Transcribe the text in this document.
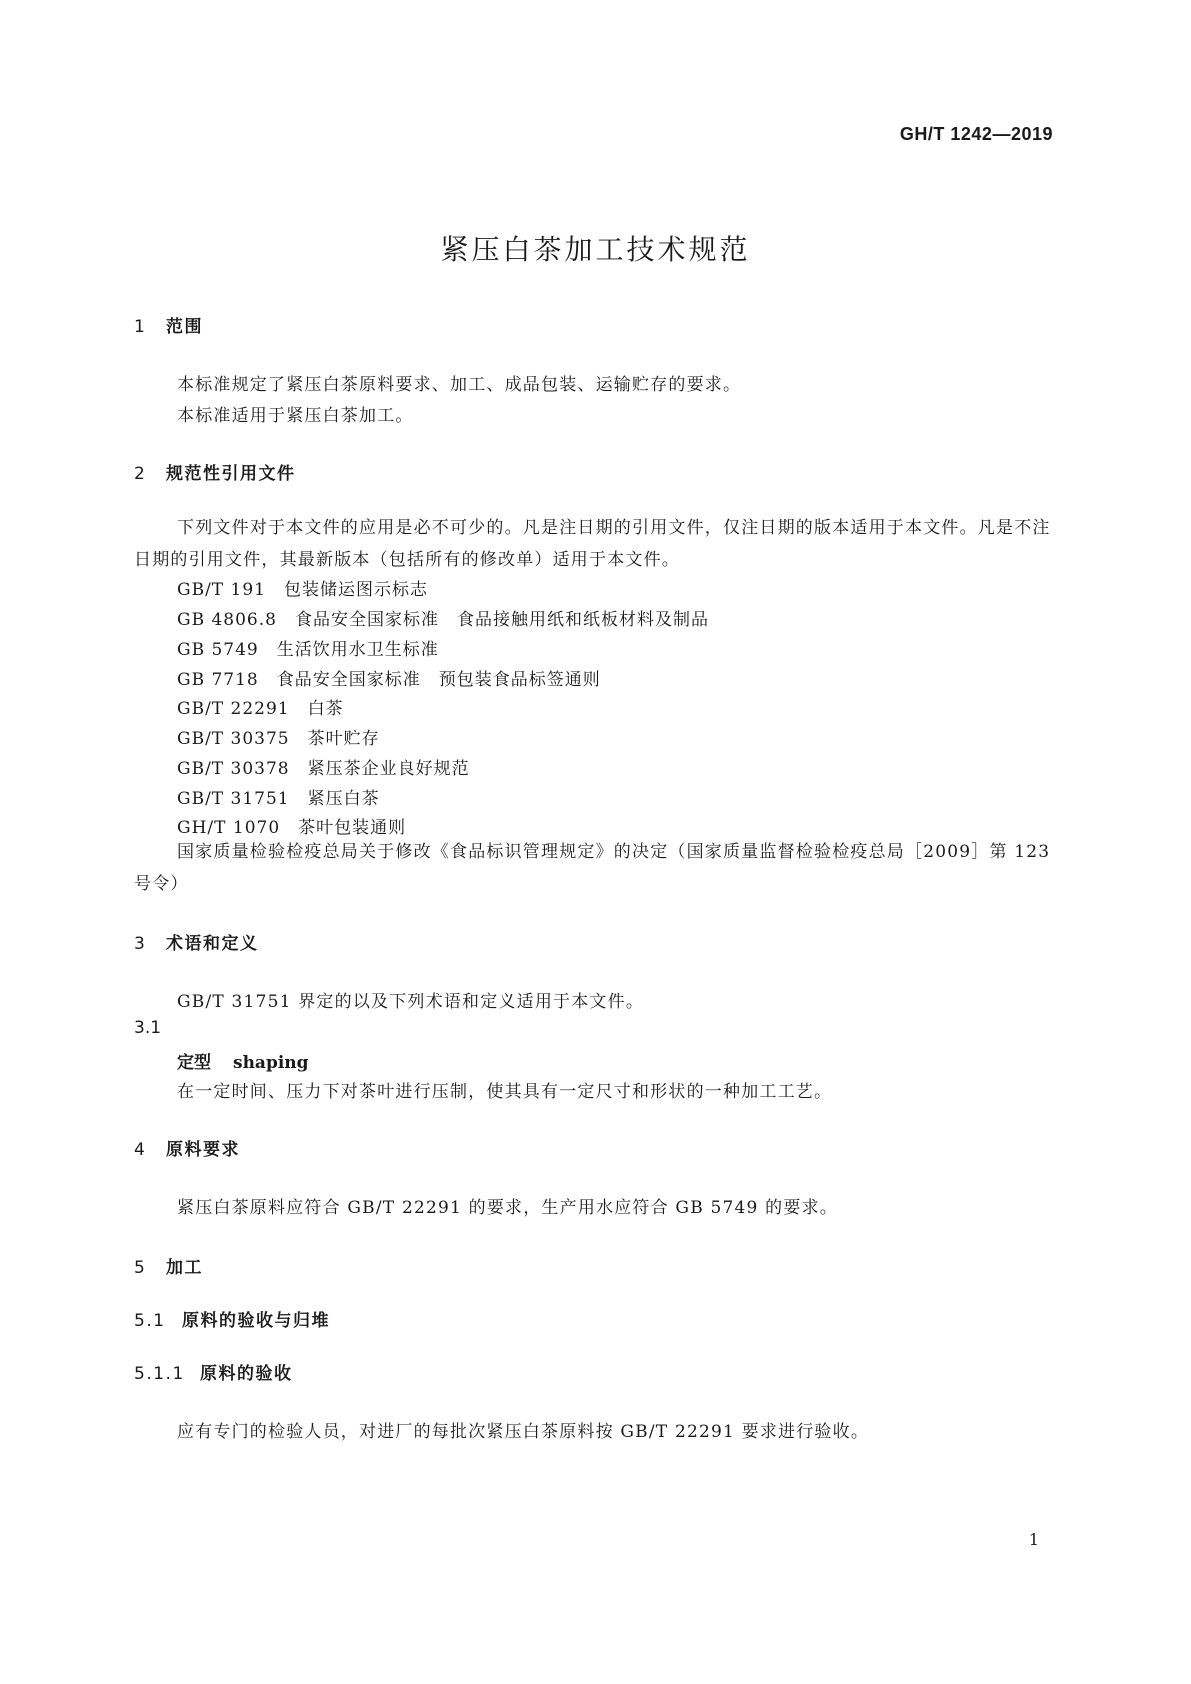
GH/T 1242—2019
紧压白茶加工技术规范
1 范围
本标准规定了紧压白茶原料要求、加工、成品包装、运输贮存的要求。
本标准适用于紧压白茶加工。
2 规范性引用文件
下列文件对于本文件的应用是必不可少的。凡是注日期的引用文件，仅注日期的版本适用于本文件。凡是不注日期的引用文件，其最新版本（包括所有的修改单）适用于本文件。
GB/T 191 包装储运图示标志
GB 4806.8 食品安全国家标准　食品接触用纸和纸板材料及制品
GB 5749 生活饮用水卫生标准
GB 7718 食品安全国家标准　预包装食品标签通则
GB/T 22291 白茶
GB/T 30375 茶叶贮存
GB/T 30378 紧压茶企业良好规范
GB/T 31751 紧压白茶
GH/T 1070 茶叶包装通则
国家质量检验检疫总局关于修改《食品标识管理规定》的决定（国家质量监督检验检疫总局［2009］第 123 号令）
3 术语和定义
GB/T 31751 界定的以及下列术语和定义适用于本文件。
3.1
定型 shaping
在一定时间、压力下对茶叶进行压制，使其具有一定尺寸和形状的一种加工工艺。
4 原料要求
紧压白茶原料应符合 GB/T 22291 的要求，生产用水应符合 GB 5749 的要求。
5 加工
5.1 原料的验收与归堆
5.1.1 原料的验收
应有专门的检验人员，对进厂的每批次紧压白茶原料按 GB/T 22291 要求进行验收。
1
